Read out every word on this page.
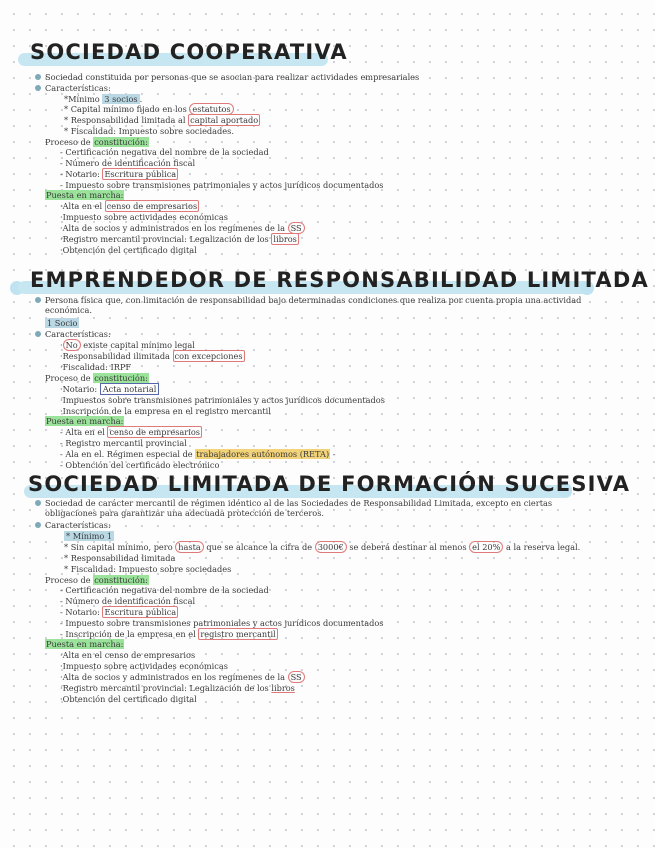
SOCIEDAD COOPERATIVA
Sociedad constituida por personas que se asocian para realizar actividades empresariales
Características:
*Mínimo 3 socios .
* Capital mínimo fijado en los estatutos
* Responsabilidad limitada al capital aportado
* Fiscalidad: Impuesto sobre sociedades.
Proceso de constitución:
- Certificación negativa del nombre de la sociedad
- Número de identificación fiscal
- Notario: Escritura pública
- Impuesto sobre transmisiones patrimoniales y actos jurídicos documentados
Puesta en marcha:
·Alta en el censo de empresarios
·Impuesto sobre actividades económicas
·Alta de socios y administrados en los regímenes de la SS
·Registro mercantil provincial: Legalización de los libros
·Obtención del certificado digital
EMPRENDEDOR DE RESPONSABILIDAD LIMITADA
Persona física que, con limitación de responsabilidad bajo determinadas condiciones que realiza por cuenta propia una actividad económica.
1 Socio
Características:
· No existe capital mínimo legal
·Responsabilidad ilimitada con excepciones
·Fiscalidad: IRPF
Proceso de constitución:
·Notario: Acta notarial
·Impuestos sobre transmisiones patrimoniales y actos jurídicos documentados
·Inscripción de la empresa en el registro mercantil
Puesta en marcha:
- Alta en el censo de empresarios
- Registro mercantil provincial
- Ala en el. Régimen especial de trabajadores autónomos (RETA) -
- Obtención del certificado electrónico
SOCIEDAD LIMITADA DE FORMACIÓN SUCESIVA
Sociedad de carácter mercantil de régimen idéntico al de las Sociedades de Responsabilidad Limitada, excepto en ciertas obligaciones para garantizar una adecuada protección de terceros.
Características:
* Mínimo 1
* Sin capital mínimo, pero hasta que se alcance la cifra de 3000€ se deberá destinar al menos el 20% a la reserva legal.
* Responsabilidad limitada
* Fiscalidad: Impuesto sobre sociedades
Proceso de constitución:
- Certificación negativa del nombre de la sociedad
- Número de identificación fiscal
- Notario: Escritura pública
- Impuesto sobre transmisiones patrimoniales y actos jurídicos documentados
- Inscripción de la empresa en el registro mercantil
Puesta en marcha:
·Alta en el censo de empresarios
·Impuesto sobre actividades económicas
·Alta de socios y administrados en los regímenes de la SS
·Registro mercantil provincial: Legalización de los libros
·Obtención del certificado digital
